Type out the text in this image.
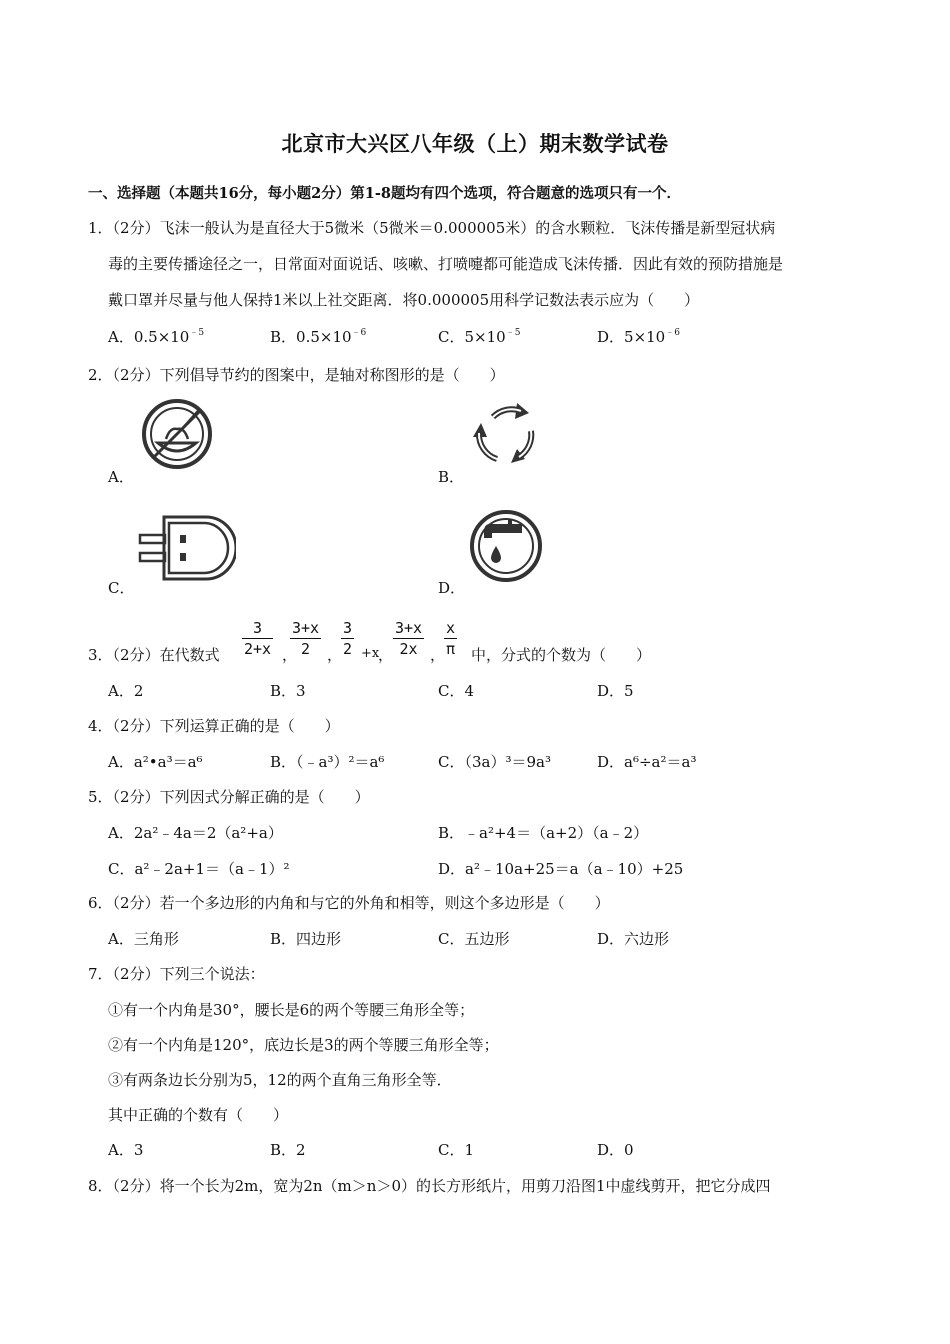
北京市大兴区八年级（上）期末数学试卷
一、选择题（本题共16分，每小题2分）第1-8题均有四个选项，符合题意的选项只有一个．
1．（2分）飞沫一般认为是直径大于5微米（5微米＝0.000005米）的含水颗粒．飞沫传播是新型冠状病
毒的主要传播途径之一，日常面对面说话、咳嗽、打喷嚏都可能造成飞沫传播．因此有效的预防措施是
戴口罩并尽量与他人保持1米以上社交距离．将0.000005用科学记数法表示应为（　　）
A．$0.5\times 10^{﹣5}$	B．$0.5\times 10^{﹣6}$	C．$5\times 10^{﹣5}$	D．$5\times 10^{﹣6}$
2．（2分）下列倡导节约的图案中，是轴对称图形的是（　　）
A．	B．
C．	D．
3．（2分）在代数式
3
2+x ，
3+x
2	，
3
2 +x
，
3+x
2x ，
x
π 中，分式的个数为（　　）
A．2	B．3	C．4	D．5
4．（2分）下列运算正确的是（　　）
A．a²•a³＝a⁶	B．（﹣a³）²＝a⁶	C．（3a）³＝9a³	D．a⁶÷a²＝a³
5．（2分）下列因式分解正确的是（　　）
A．2a²﹣4a＝2（a²+a）	B．﹣a²+4＝（a+2）（a﹣2）
C．a²﹣2a+1＝（a﹣1）²	D．a²﹣10a+25＝a（a﹣10）+25
6．（2分）若一个多边形的内角和与它的外角和相等，则这个多边形是（　　）
A．三角形	B．四边形	C．五边形	D．六边形
7．（2分）下列三个说法：
①有一个内角是30°，腰长是6的两个等腰三角形全等；
②有一个内角是120°，底边长是3的两个等腰三角形全等；
③有两条边长分别为5，12的两个直角三角形全等．
其中正确的个数有（　　）
A．3	B．2	C．1	D．0
8．（2分）将一个长为2m，宽为2n（m＞n＞0）的长方形纸片，用剪刀沿图1中虚线剪开，把它分成四
